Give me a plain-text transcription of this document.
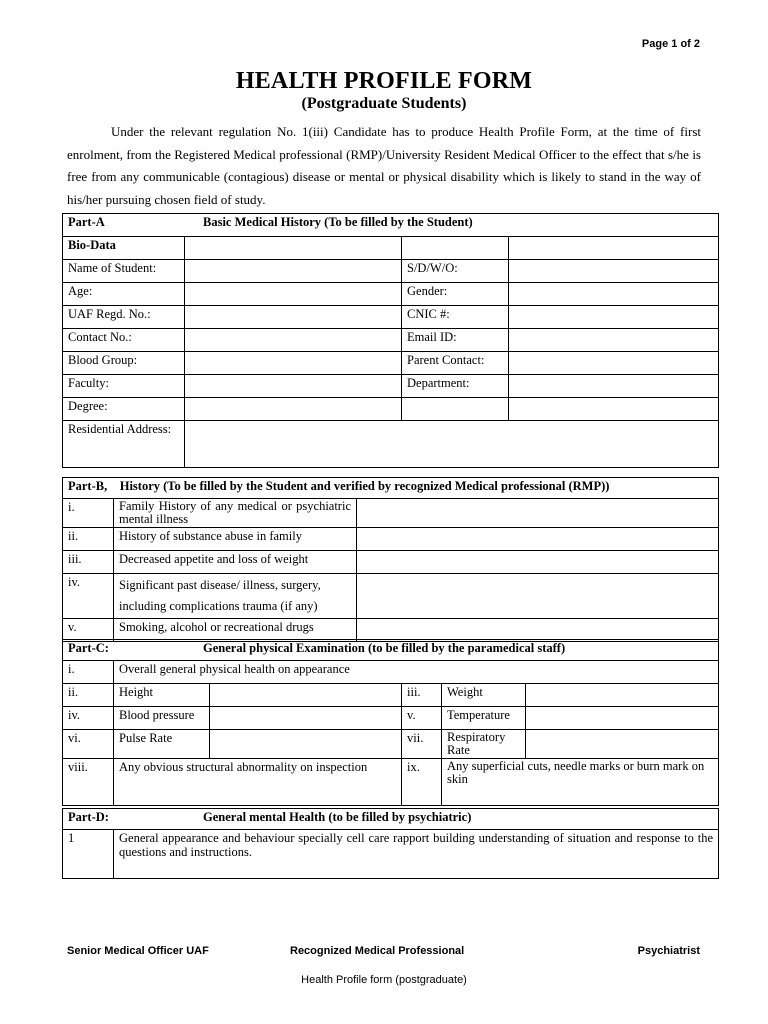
Page 1 of 2
HEALTH PROFILE FORM
(Postgraduate Students)
Under the relevant regulation No. 1(iii) Candidate has to produce Health Profile Form, at the time of first enrolment, from the Registered Medical professional (RMP)/University Resident Medical Officer to the effect that s/he is free from any communicable (contagious) disease or mental or physical disability which is likely to stand in the way of his/her pursuing chosen field of study.
Part-A Basic Medical History (To be filled by the Student)			
Bio-Data			
Name of Student:		S/D/W/O:	
Age:		Gender:	
UAF Regd. No.:		CNIC #:	
Contact No.:		Email ID:	
Blood Group:		Parent Contact:	
Faculty:		Department:	
Degree:			
Residential Address:			
Part-B, History (To be filled by the Student and verified by recognized Medical professional (RMP))		
i.	Family History of any medical or psychiatric mental illness	
ii.	History of substance abuse in family	
iii.	Decreased appetite and loss of weight	
iv.	Significant past disease/ illness, surgery, including complications trauma (if any)	
v.	Smoking, alcohol or recreational drugs	
Part-C: General physical Examination (to be filled by the paramedical staff)					
i.	Overall general physical health on appearance				
ii.	Height		iii.	Weight	
iv.	Blood pressure		v.	Temperature	
vi.	Pulse Rate		vii.	Respiratory Rate	
viii.	Any obvious structural abnormality on inspection		ix.	Any superficial cuts, needle marks or burn mark on skin	
Part-D:	General mental Health (to be filled by psychiatric)
1	General appearance and behaviour specially cell care rapport building understanding of situation and response to the questions and instructions.
Senior Medical Officer UAF	Recognized Medical Professional	Psychiatrist
Health Profile form (postgraduate)
